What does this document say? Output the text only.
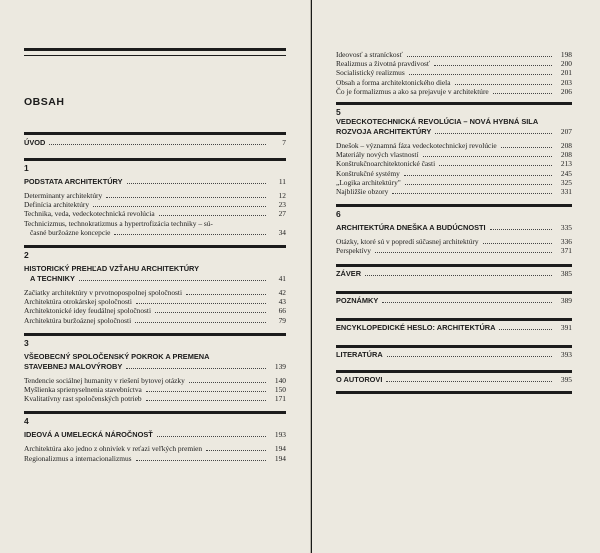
OBSAH
ÚVOD	7
1
PODSTATA ARCHITEKTÚRY	11
Determinanty architektúry	12
Definícia architektúry	23
Technika, veda, vedeckotechnická revolúcia	27
Technicizmus, technokratizmus a hypertrofizácia techniky – sú-
časné buržoázne koncepcie	34
2
HISTORICKÝ PREHĽAD VZŤAHU ARCHITEKTÚRY
A TECHNIKY	41
Začiatky architektúry v prvotnopospolnej spoločnosti	42
Architektúra otrokárskej spoločnosti	43
Architektonické idey feudálnej spoločnosti	66
Architektúra buržoáznej spoločnosti	79
3
VŠEOBECNÝ SPOLOČENSKÝ POKROK A PREMENA
STAVEBNEJ MALOVÝROBY	139
Tendencie sociálnej humanity v riešení bytovej otázky	140
Myšlienka sprienyselnenia stavebníctva	150
Kvalitatívny rast spoločenských potrieb	171
4
IDEOVÁ A UMELECKÁ NÁROČNOSŤ	193
Architektúra ako jedno z ohnivíek v reťazi veľkých premien	194
Regionalizmus a internacionalizmus	194
Ideovosť a straníckosť	198
Realizmus a životná pravdivosť	200
Socialistický realizmus	201
Obsah a forma architektonického diela	203
Čo je formalizmus a ako sa prejavuje v architektúre	206
5
VEDECKOTECHNICKÁ REVOLÚCIA – NOVÁ HYBNÁ SILA
ROZVOJA ARCHITEKTÚRY	207
Dnešok – významná fáza vedeckotechnickej revolúcie	208
Materiály nových vlastností	208
Konštrukčnoarchitektonické časti	213
Konštrukčné systémy	245
„Logika architektúry"	325
Najbližšie obzory	331
6
ARCHITEKTÚRA DNEŠKA A BUDÚCNOSTI	335
Otázky, ktoré sú v popredí súčasnej architektúry	336
Perspektívy	371
ZÁVER	385
POZNÁMKY	389
ENCYKLOPEDICKÉ HESLO: ARCHITEKTÚRA	391
LITERATÚRA	393
O AUTOROVI	395
